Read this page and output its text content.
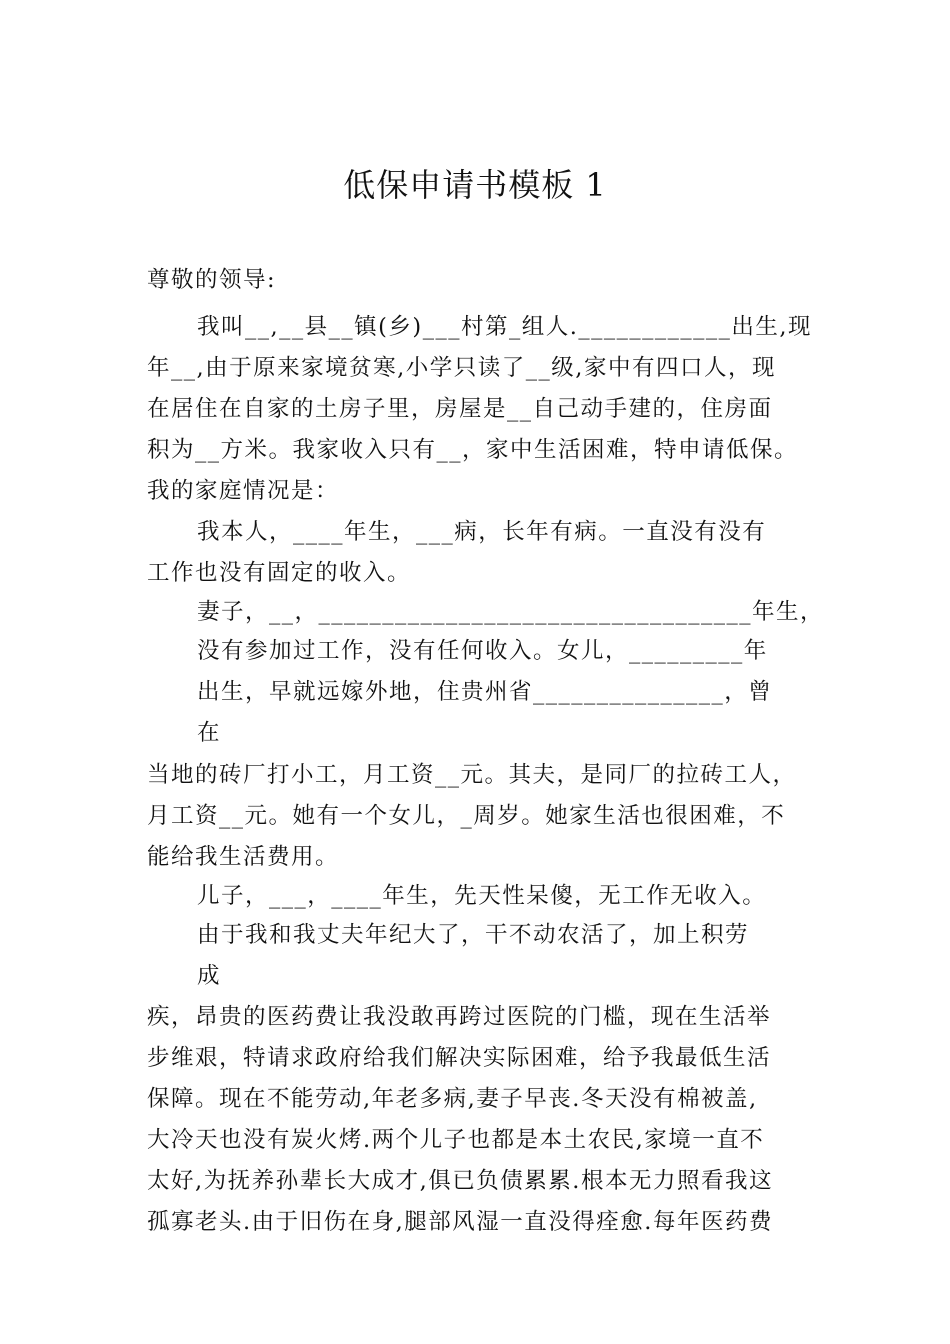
低保申请书模板 1
尊敬的领导:
我叫__,__县__镇(乡)___村第_组人.____________出生,现
年__,由于原来家境贫寒,小学只读了__级,家中有四口人，现
在居住在自家的土房子里，房屋是__自己动手建的，住房面
积为__方米。我家收入只有__，家中生活困难，特申请低保。
我的家庭情况是：
我本人，____年生，___病，长年有病。一直没有没有
工作也没有固定的收入。
妻子，__，__________________________________年生，
没有参加过工作，没有任何收入。女儿，_________年
出生，早就远嫁外地，住贵州省_______________，曾
在
当地的砖厂打小工，月工资__元。其夫，是同厂的拉砖工人，
月工资__元。她有一个女儿，_周岁。她家生活也很困难，不
能给我生活费用。
儿子，___，____年生，先天性呆傻，无工作无收入。
由于我和我丈夫年纪大了，干不动农活了，加上积劳
成
疾，昂贵的医药费让我没敢再跨过医院的门槛，现在生活举
步维艰，特请求政府给我们解决实际困难，给予我最低生活
保障。现在不能劳动,年老多病,妻子早丧.冬天没有棉被盖,
大冷天也没有炭火烤.两个儿子也都是本土农民,家境一直不
太好,为抚养孙辈长大成才,俱已负债累累.根本无力照看我这
孤寡老头.由于旧伤在身,腿部风湿一直没得痊愈.每年医药费
